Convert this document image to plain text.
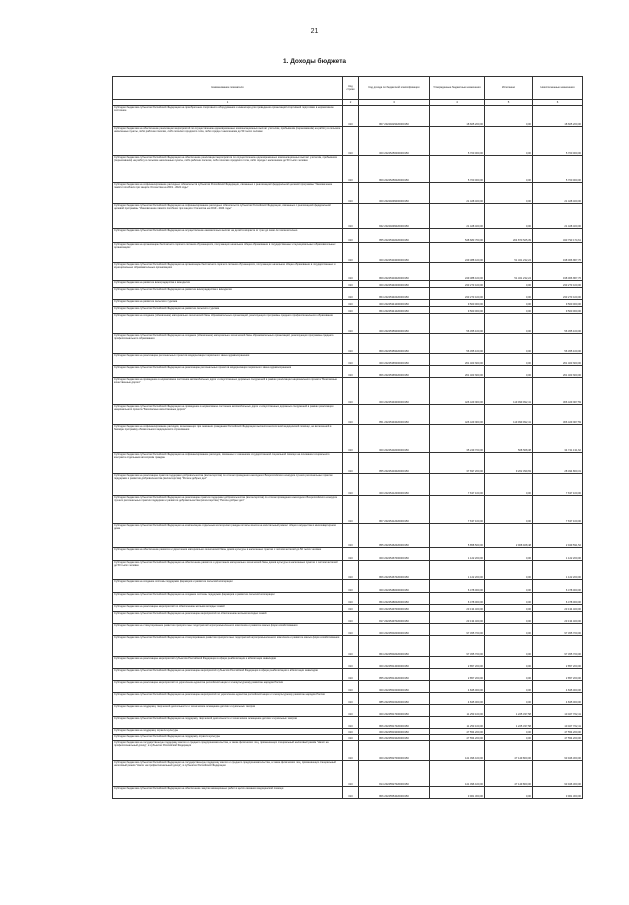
21
1. Доходы бюджета
Наименование показателя	Код строки	Код дохода по бюджетной классификации	Утвержденные бюджетные назначения	Исполнено	Неисполненные назначения
1	2	3	4	5	6
Субсидии бюджетам субъектов Российской Федерации на приобретение спортивного оборудования и инвентаря для приведения организаций спортивной подготовки в нормативное состояние	010	807 20229229020000150	18 605 200,00	0,00	18 605 200,00
Субсидии бюджетам на обеспечение реализации мероприятий по осуществлению единовременных компенсационных выплат учителям, прибывшим (переехавшим) на работу в сельские населенные пункты, либо рабочие поселки, либо поселки городского типа, либо города с населением до 50 тысяч человек	010	000 20225256000000150	5 700 000,00	0,00	5 700 000,00
Субсидии бюджетам субъектов Российской Федерации на обеспечение реализации мероприятия по осуществлению единовременных компенсационных выплат учителям, прибывшим (переехавшим) на работу в сельские населенные пункты, либо рабочие поселки, либо поселки городского типа, либо города с населением до 50 тысяч человек	010	809 20225256020000150	5 700 000,00	0,00	5 700 000,00
Субсидии бюджетам на софинансирование расходных обязательств субъектов Российской Федерации, связанных с реализацией федеральной целевой программы "Увековечение памяти погибших при защите Отечества на 2019 - 2024 годы"	010	000 20229299000000150	21 428 400,00	0,00	21 428 400,00
Субсидии бюджетам субъектов Российской Федерации на софинансирование расходных обязательств субъектов Российской Федерации, связанных с реализацией федеральной целевой программы "Увековечение памяти погибших при защите Отечества на 2019 - 2024 годы"	010	842 20229299020000150	21 428 400,00	0,00	21 428 400,00
Субсидии бюджетам субъектов Российской Федерации на осуществление ежемесячных выплат на детей в возрасте от трех до семи лет включительно	010	855 20225302020000150	548 683 700,00	204 870 525,39	343 793 174,61
Субсидии бюджетам на организацию бесплатного горячего питания обучающихся, получающих начальное общее образование в государственных и муниципальных образовательных организациях	010	000 20225304000000150	249 388 100,00	51 321 232,24	198 066 867,76
Субсидии бюджетам субъектов Российской Федерации на организацию бесплатного горячего питания обучающихся, получающих начальное общее образование в государственных и муниципальных образовательных организациях	010	809 20225304020000150	249 388 100,00	51 321 232,24	198 066 867,76
Субсидии бюджетам на развитие виноградарства и виноделия	010	000 20225340000000150	233 273 100,00	0,00	233 273 100,00
Субсидии бюджетам субъектов Российской Федерации на развитие виноградарства и виноделия	010	864 20225340020000150	233 273 100,00	0,00	233 273 100,00
Субсидии бюджетам на развитие сельского туризма	010	000 20225341000000150	9 500 000,00	0,00	9 500 000,00
Субсидии бюджетам субъектов Российской Федерации на развитие сельского туризма	010	864 20225341020000150	9 500 000,00	0,00	9 500 000,00
Субсидии бюджетам на создание (обновление) материально-технической базы образовательных организаций, реализующих программы среднего профессионального образования	010	000 20225359000000150	56 455 100,00	0,00	56 455 100,00
Субсидии бюджетам субъектов Российской Федерации на создание (обновление) материально-технической базы образовательных организаций, реализующих программы среднего профессионального образования	010	809 20225359020000150	56 455 100,00	0,00	56 455 100,00
Субсидии бюджетам на реализацию региональных проектов модернизации первичного звена здравоохранения	010	000 20225365000000150	261 403 600,00	0,00	261 403 600,00
Субсидии бюджетам субъектов Российской Федерации на реализацию региональных проектов модернизации первичного звена здравоохранения	010	806 20225365020000150	261 403 600,00	0,00	261 403 600,00
Субсидии бюджетам на приведение в нормативное состояние автомобильных дорог и искусственных дорожных сооружений в рамках реализации национального проекта "Безопасные качественные дороги"	010	000 20225394000000150	426 429 900,00	119 999 992,41	306 429 907,59
Субсидии бюджетам субъектов Российской Федерации на приведение в нормативное состояние автомобильных дорог и искусственных дорожных сооружений в рамках реализации национального проекта "Безопасные качественные дороги"	010	851 20225394020000150	426 429 900,00	119 999 992,41	306 429 907,59
Субсидии бюджетам на софинансирование расходов, возникающих при оказании гражданам Российской Федерации высокотехнологичной медицинской помощи, не включенной в базовую программу обязательного медицинского страхования	010	000 20225402000000150	35 249 700,00	508 568,38	34 741 131,62
Субсидии бюджетам субъектов Российской Федерации на софинансирование расходов, связанных с оказанием государственной социальной помощи на основании социального контракта отдельным категориям граждан	010	855 20225404020000150	37 697 200,00	9 202 399,69	28 494 800,31
Субсидии бюджетам на реализацию практик поддержки добровольчества (волонтерства) по итогам проведения ежегодного Всероссийского конкурса лучших региональных практик поддержки и развития добровольчества (волонтерства) "Регион добрых дел"	010	000 20225412000000150	7 637 100,00	0,00	7 637 100,00
Субсидии бюджетам субъектов Российской Федерации на реализацию практик поддержки добровольчества (волонтерства) по итогам проведения ежегодного Всероссийского конкурса лучших региональных практик поддержки и развития добровольчества (волонтерства) "Регион добрых дел"	010	807 20225412020000150	7 637 100,00	0,00	7 637 100,00
Субсидии бюджетам субъектов Российской Федерации на компенсацию отдельным категориям граждан оплаты взноса на капитальный ремонт общего имущества в многоквартирном доме	010	855 20225462020000150	5 858 500,00	2 908 928,48	2 949 591,52
Субсидии бюджетам на обеспечение развития и укрепления материально-технической базы домов культуры в населенных пунктах с числом жителей до 50 тысяч человек	010	000 20225467000000150	1 122 200,00	0,00	1 122 200,00
Субсидии бюджетам субъектов Российской Федерации на обеспечение развития и укрепления материально-технической базы домов культуры в населенных пунктах с числом жителей до 50 тысяч человек	010	806 20225467020000150	1 122 200,00	0,00	1 122 200,00
Субсидии бюджетам на создание системы поддержки фермеров и развитие сельской кооперации	010	000 20225480000000150	6 478 000,00	0,00	6 478 000,00
Субсидии бюджетам субъектов Российской Федерации на создание системы поддержки фермеров и развитие сельской кооперации	010	864 20225480020000150	6 478 000,00	0,00	6 478 000,00
Субсидии бюджетам на реализацию мероприятий по обеспечению жильем молодых семей	010	000 20225497000000150	23 134 400,00	0,00	23 134 400,00
Субсидии бюджетам субъектов Российской Федерации на реализацию мероприятий по обеспечению жильем молодых семей	010	817 20225497020000150	23 134 400,00	0,00	23 134 400,00
Субсидии бюджетам на стимулирование развития приоритетных подотраслей агропромышленного комплекса и развитие малых форм хозяйствования	010	000 20225502000000150	97 455 700,00	0,00	97 455 700,00
Субсидии бюджетам субъектов Российской Федерации на стимулирование развития приоритетных подотраслей агропромышленного комплекса и развитие малых форм хозяйствования	010	864 20225502020000150	97 455 700,00	0,00	97 455 700,00
Субсидии бюджетам на реализацию мероприятий субъектов Российской Федерации в сфере реабилитации и абилитации инвалидов	010	000 20225514000000150	2 857 200,00	0,00	2 857 200,00
Субсидии бюджетам субъектов Российской Федерации на реализацию мероприятий субъектов Российской Федерации в сфере реабилитации и абилитации инвалидов	010	855 20225514020000150	2 857 200,00	0,00	2 857 200,00
Субсидии бюджетам на реализацию мероприятий по укреплению единства российской нации и этнокультурному развитию народов России	010	000 20225516000000150	4 845 000,00	0,00	4 845 000,00
Субсидии бюджетам субъектов Российской Федерации на реализацию мероприятий по укреплению единства российской нации и этнокультурному развитию народов России	010	885 20225516020000150	4 845 000,00	0,00	4 845 000,00
Субсидии бюджетам на поддержку творческой деятельности и техническое оснащение детских и кукольных театров	010	000 20225517000000150	11 253 100,00	1 225 337,58	10 027 762,41
Субсидии бюджетам субъектов Российской Федерации на поддержку творческой деятельности и техническое оснащение детских и кукольных театров	010	806 20225517020000150	11 253 100,00	1 225 337,58	10 027 762,41
Субсидии бюджетам на поддержку отрасли культуры	010	000 20225519000000150	47 554 200,00	0,00	47 554 200,00
Субсидии бюджетам субъектов Российской Федерации на поддержку отрасли культуры	010	806 20225519020000150	47 554 200,00	0,00	47 554 200,00
Субсидии бюджетам на государственную поддержку малого и среднего предпринимательства, а также физических лиц, применяющих специальный налоговый режим "Налог на профессиональный доход", в субъектах Российской Федерации	010	000 20225527000000150	141 096 100,00	47 149 800,00	93 946 300,00
Субсидии бюджетам субъектов Российской Федерации на государственную поддержку малого и среднего предпринимательства, а также физических лиц, применяющих специальный налоговый режим "Налог на профессиональный доход", в субъектах Российской Федерации	010	814 20225527020000150	141 096 100,00	47 149 800,00	93 946 300,00
Субсидии бюджетам субъектов Российской Федерации на обеспечение закупки авиационных работ в целях оказания медицинской помощи	010	806 20225554020000150	3 961 300,00	0,00	3 961 300,00
